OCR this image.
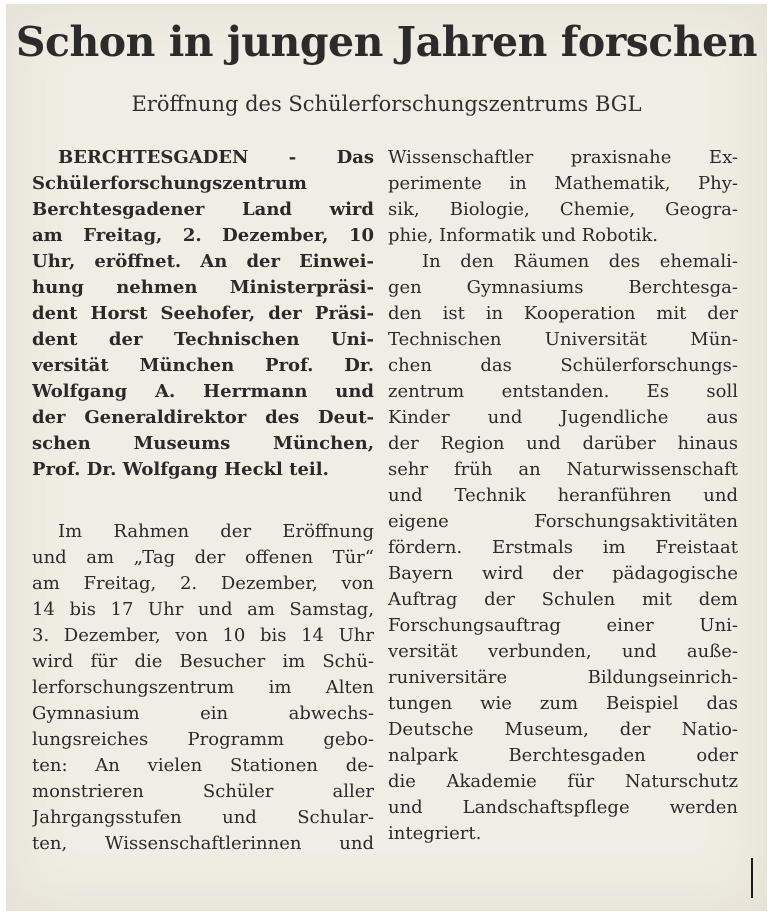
Schon in jungen Jahren forschen
Eröffnung des Schülerforschungszentrums BGL
BERCHTESGADEN - Das
Schülerforschungszentrum
Berchtesgadener Land wird
am Freitag, 2. Dezember, 10
Uhr, eröffnet. An der Einwei-
hung nehmen Ministerpräsi-
dent Horst Seehofer, der Präsi-
dent der Technischen Uni-
versität München Prof. Dr.
Wolfgang A. Herrmann und
der Generaldirektor des Deut-
schen Museums München,
Prof. Dr. Wolfgang Heckl teil.
Im Rahmen der Eröffnung
und am „Tag der offenen Tür“
am Freitag, 2. Dezember, von
14 bis 17 Uhr und am Samstag,
3. Dezember, von 10 bis 14 Uhr
wird für die Besucher im Schü-
lerforschungszentrum im Alten
Gymnasium ein abwechs-
lungsreiches Programm gebo-
ten: An vielen Stationen de-
monstrieren Schüler aller
Jahrgangsstufen und Schular-
ten, Wissenschaftlerinnen und
Wissenschaftler praxisnahe Ex-
perimente in Mathematik, Phy-
sik, Biologie, Chemie, Geogra-
phie, Informatik und Robotik.
In den Räumen des ehemali-
gen Gymnasiums Berchtesga-
den ist in Kooperation mit der
Technischen Universität Mün-
chen das Schülerforschungs-
zentrum entstanden. Es soll
Kinder und Jugendliche aus
der Region und darüber hinaus
sehr früh an Naturwissenschaft
und Technik heranführen und
eigene Forschungsaktivitäten
fördern. Erstmals im Freistaat
Bayern wird der pädagogische
Auftrag der Schulen mit dem
Forschungsauftrag einer Uni-
versität verbunden, und auße-
runiversitäre Bildungseinrich-
tungen wie zum Beispiel das
Deutsche Museum, der Natio-
nalpark Berchtesgaden oder
die Akademie für Naturschutz
und Landschaftspflege werden
integriert.
